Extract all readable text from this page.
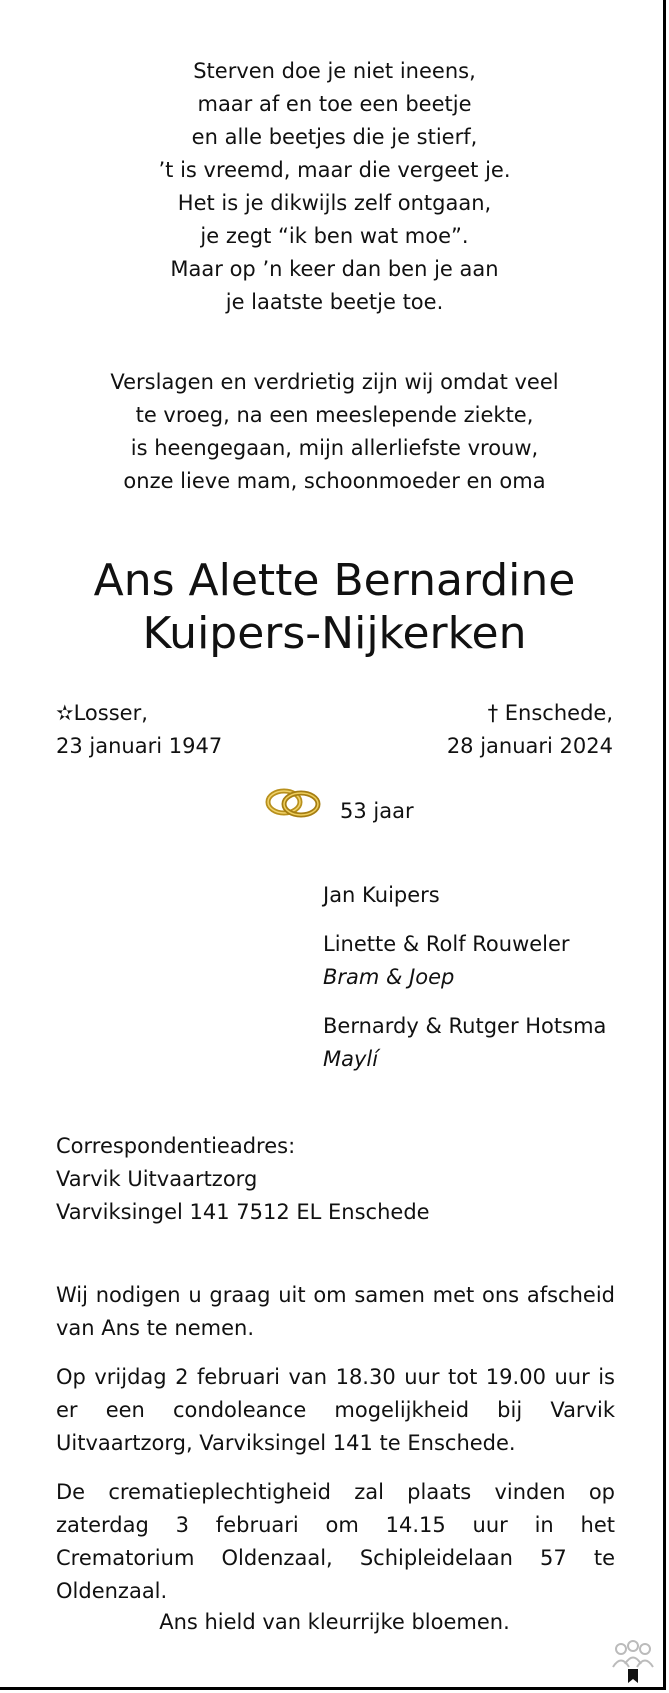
Sterven doe je niet ineens,
maar af en toe een beetje
en alle beetjes die je stierf,
’t is vreemd, maar die vergeet je.
Het is je dikwijls zelf ontgaan,
je zegt “ik ben wat moe”.
Maar op ’n keer dan ben je aan
je laatste beetje toe.
Verslagen en verdrietig zijn wij omdat veel
te vroeg, na een meeslepende ziekte,
is heengegaan, mijn allerliefste vrouw,
onze lieve mam, schoonmoeder en oma
Ans Alette Bernardine
Kuipers-Nijkerken
✫Losser,
23 januari 1947
† Enschede,
28 januari 2024
53 jaar
Jan Kuipers
Linette & Rolf Rouweler
Bram & Joep
Bernardy & Rutger Hotsma
Maylí
Correspondentieadres:
Varvik Uitvaartzorg
Varviksingel 141 7512 EL Enschede
Wij nodigen u graag uit om samen met ons afscheid van Ans te nemen.
Op vrijdag 2 februari van 18.30 uur tot 19.00 uur is er een condoleance mogelijkheid bij Varvik Uitvaartzorg, Varviksingel 141 te Enschede.
De crematieplechtigheid zal plaats vinden op zaterdag 3 februari om 14.15 uur in het Crematorium Oldenzaal, Schipleidelaan 57 te Oldenzaal.
Ans hield van kleurrijke bloemen.
